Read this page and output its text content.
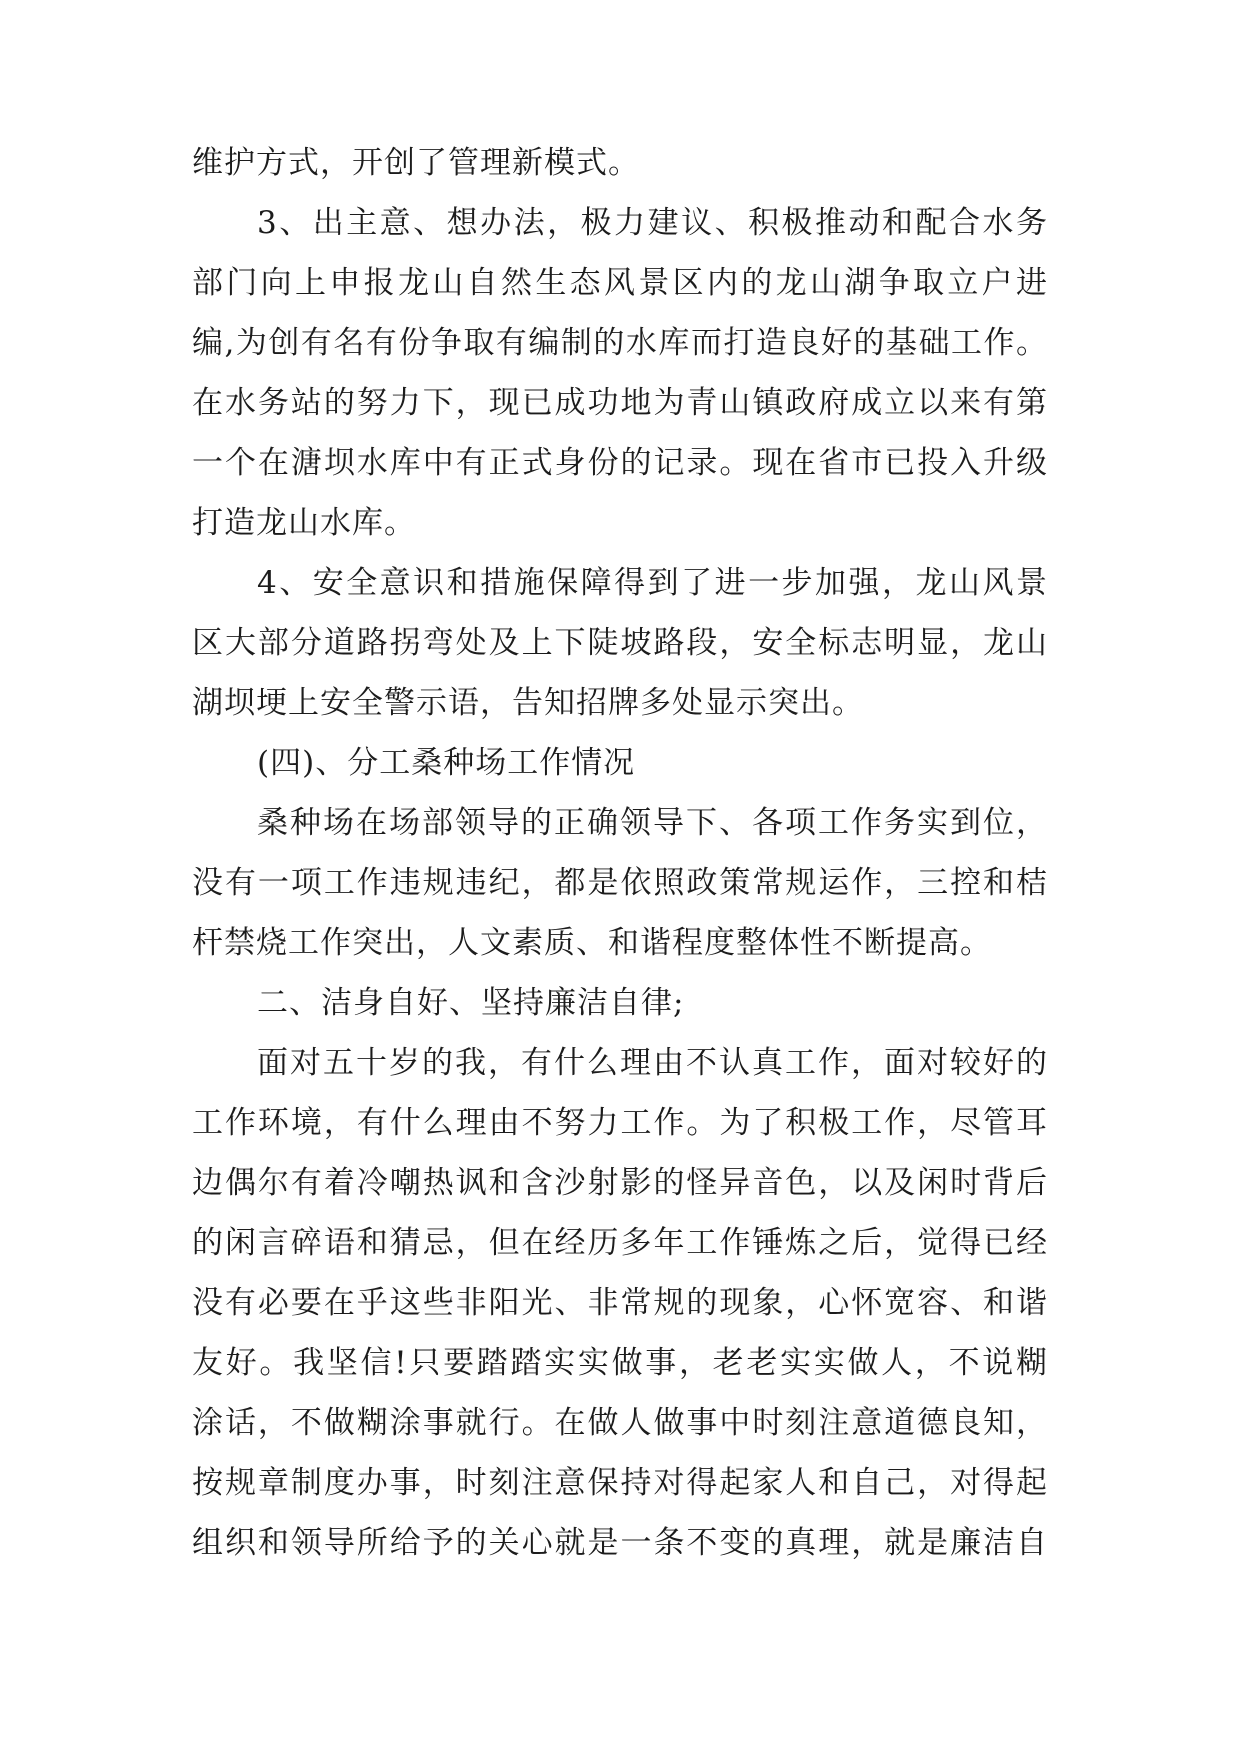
维护方式，开创了管理新模式。
3、出主意、想办法，极力建议、积极推动和配合水务
部门向上申报龙山自然生态风景区内的龙山湖争取立户进
编,为创有名有份争取有编制的水库而打造良好的基础工作。
在水务站的努力下，现已成功地为青山镇政府成立以来有第
一个在溏坝水库中有正式身份的记录。现在省市已投入升级
打造龙山水库。
4、安全意识和措施保障得到了进一步加强，龙山风景
区大部分道路拐弯处及上下陡坡路段，安全标志明显，龙山
湖坝埂上安全警示语，告知招牌多处显示突出。
(四)、分工桑种场工作情况
桑种场在场部领导的正确领导下、各项工作务实到位，
没有一项工作违规违纪，都是依照政策常规运作，三控和桔
杆禁烧工作突出，人文素质、和谐程度整体性不断提高。
二、洁身自好、坚持廉洁自律;
面对五十岁的我，有什么理由不认真工作，面对较好的
工作环境，有什么理由不努力工作。为了积极工作，尽管耳
边偶尔有着冷嘲热讽和含沙射影的怪异音色，以及闲时背后
的闲言碎语和猜忌，但在经历多年工作锤炼之后，觉得已经
没有必要在乎这些非阳光、非常规的现象，心怀宽容、和谐
友好。我坚信!只要踏踏实实做事，老老实实做人，不说糊
涂话，不做糊涂事就行。在做人做事中时刻注意道德良知，
按规章制度办事，时刻注意保持对得起家人和自己，对得起
组织和领导所给予的关心就是一条不变的真理，就是廉洁自
